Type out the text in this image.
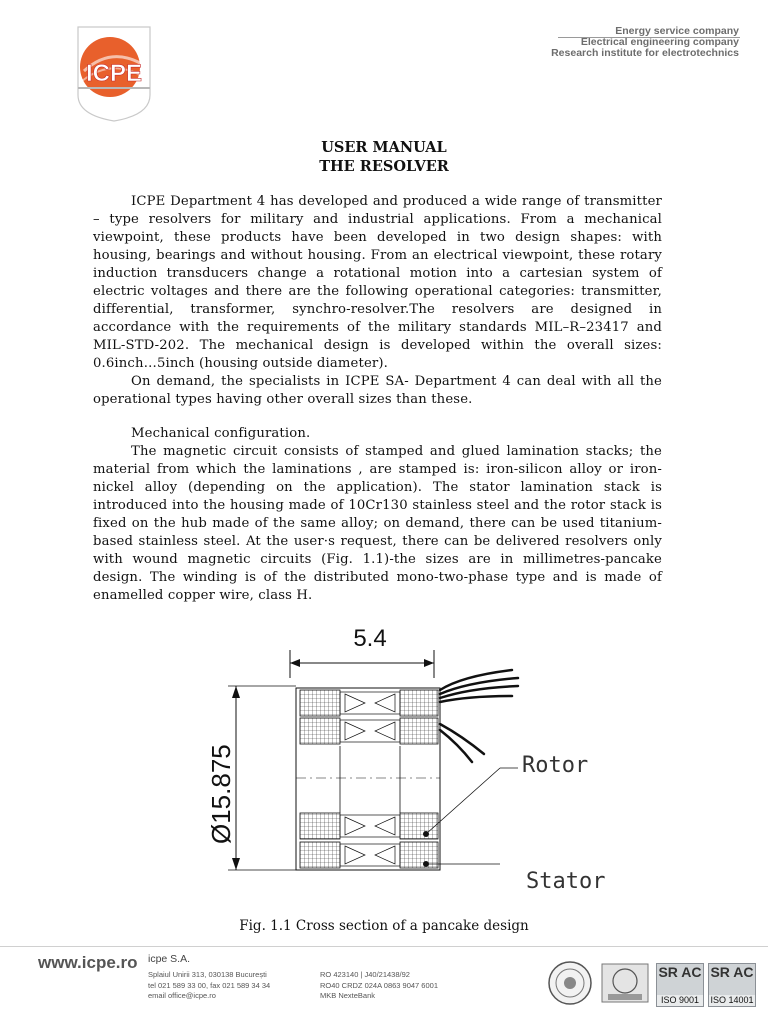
ICPE
Energy service company
Electrical engineering company
Research institute for electrotechnics
USER MANUAL
THE RESOLVER

ICPE Department 4 has developed and produced a wide range of transmitter – type resolvers for military and industrial applications. From a mechanical viewpoint, these products have been developed in two design shapes: with housing, bearings and without housing. From an electrical viewpoint, these rotary induction transducers change a rotational motion into a cartesian system of electric voltages and there are the following operational categories: transmitter, differential, transformer, synchro-resolver.The resolvers are designed in accordance with the requirements of the military standards MIL–R–23417 and MIL-STD-202. The mechanical design is developed within the overall sizes: 0.6inch…5inch (housing outside diameter).

On demand, the specialists in ICPE SA- Department 4 can deal with all the operational types having other overall sizes than these.

Mechanical configuration.

The magnetic circuit consists of stamped and glued lamination stacks; the material from which the laminations , are stamped is: iron-silicon alloy or iron-nickel alloy (depending on the application). The stator lamination stack is introduced into the housing made of 10Cr130 stainless steel and the rotor stack is fixed on the hub made of the same alloy; on demand, there can be used titanium-based stainless steel. At the user·s request, there can be delivered resolvers only with wound magnetic circuits (Fig. 1.1)-the sizes are in millimetres-pancake design. The winding is of the distributed mono-two-phase type and is made of enamelled copper wire, class H.

5.4
Ø15.875	Rotor
Stator
Fig. 1.1 Cross section of a pancake design
www.icpe.ro icpe S.A.
Splaiul Unirii 313, 030138 București
tel 021 589 33 00, fax 021 589 34 34
email office@icpe.ro
RO 423140 | J40/21438/92
RO40 CRDZ 024A 0863 9047 6001
MKB NexteBank
SR AC
ISO 9001
SR AC
ISO 14001
